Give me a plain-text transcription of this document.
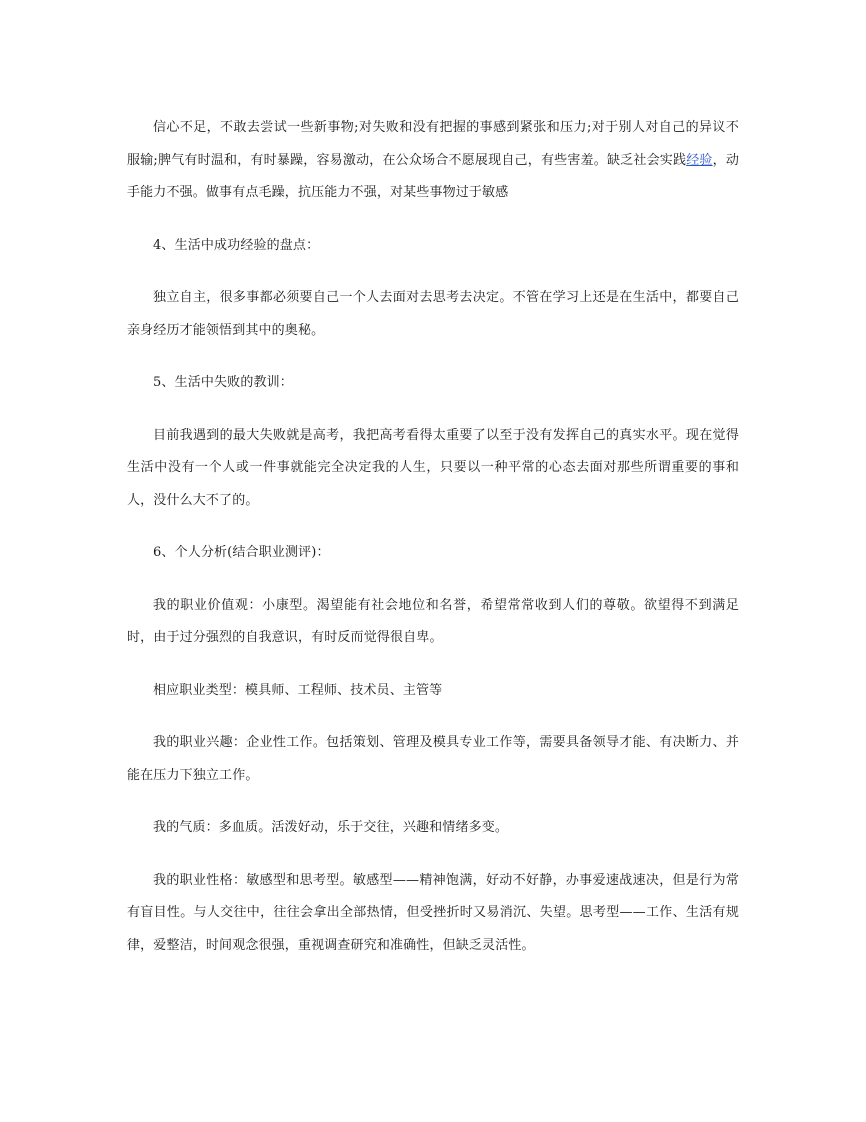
信心不足，不敢去尝试一些新事物;对失败和没有把握的事感到紧张和压力;对于别人对自己的异议不服输;脾气有时温和，有时暴躁，容易激动，在公众场合不愿展现自己，有些害羞。缺乏社会实践经验，动手能力不强。做事有点毛躁，抗压能力不强，对某些事物过于敏感

4、生活中成功经验的盘点：

独立自主，很多事都必须要自己一个人去面对去思考去决定。不管在学习上还是在生活中，都要自己亲身经历才能领悟到其中的奥秘。

5、生活中失败的教训：

目前我遇到的最大失败就是高考，我把高考看得太重要了以至于没有发挥自己的真实水平。现在觉得生活中没有一个人或一件事就能完全决定我的人生，只要以一种平常的心态去面对那些所谓重要的事和人，没什么大不了的。

6、个人分析(结合职业测评)：

我的职业价值观：小康型。渴望能有社会地位和名誉，希望常常收到人们的尊敬。欲望得不到满足时，由于过分强烈的自我意识，有时反而觉得很自卑。

相应职业类型：模具师、工程师、技术员、主管等

我的职业兴趣：企业性工作。包括策划、管理及模具专业工作等，需要具备领导才能、有决断力、并能在压力下独立工作。

我的气质：多血质。活泼好动，乐于交往，兴趣和情绪多变。

我的职业性格：敏感型和思考型。敏感型——精神饱满，好动不好静，办事爱速战速决，但是行为常有盲目性。与人交往中，往往会拿出全部热情，但受挫折时又易消沉、失望。思考型——工作、生活有规律，爱整洁，时间观念很强，重视调查研究和准确性，但缺乏灵活性。
